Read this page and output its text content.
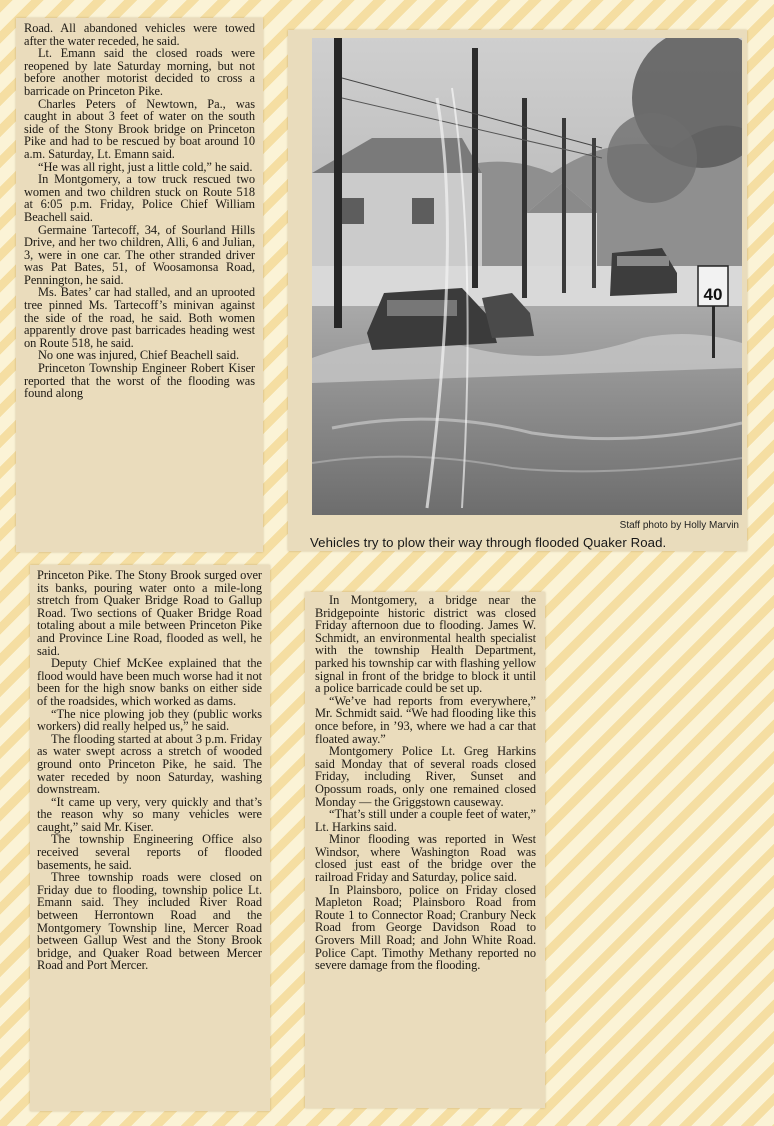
Road. All abandoned vehicles were towed after the water receded, he said.

Lt. Emann said the closed roads were reopened by late Saturday morning, but not before another motorist decided to cross a barricade on Princeton Pike.

Charles Peters of Newtown, Pa., was caught in about 3 feet of water on the south side of the Stony Brook bridge on Princeton Pike and had to be rescued by boat around 10 a.m. Saturday, Lt. Emann said.

“He was all right, just a little cold,” he said.

In Montgomery, a tow truck rescued two women and two children stuck on Route 518 at 6:05 p.m. Friday, Police Chief William Beachell said.

Germaine Tartecoff, 34, of Sourland Hills Drive, and her two children, Alli, 6 and Julian, 3, were in one car. The other stranded driver was Pat Bates, 51, of Woosamonsa Road, Pennington, he said.

Ms. Bates’ car had stalled, and an uprooted tree pinned Ms. Tartecoff’s minivan against the side of the road, he said. Both women apparently drove past barricades heading west on Route 518, he said.

No one was injured, Chief Beachell said.

Princeton Township Engineer Robert Kiser reported that the worst of the flooding was found along

40
Staff photo by Holly Marvin
Vehicles try to plow their way through flooded Quaker Road.

Princeton Pike. The Stony Brook surged over its banks, pouring water onto a mile-long stretch from Quaker Bridge Road to Gallup Road. Two sections of Quaker Bridge Road totaling about a mile between Princeton Pike and Province Line Road, flooded as well, he said.

Deputy Chief McKee explained that the flood would have been much worse had it not been for the high snow banks on either side of the roadsides, which worked as dams.

“The nice plowing job they (public works workers) did really helped us,” he said.

The flooding started at about 3 p.m. Friday as water swept across a stretch of wooded ground onto Princeton Pike, he said. The water receded by noon Saturday, washing downstream.

“It came up very, very quickly and that’s the reason why so many vehicles were caught,” said Mr. Kiser.

The township Engineering Office also received several reports of flooded basements, he said.

Three township roads were closed on Friday due to flooding, township police Lt. Emann said. They included River Road between Herrontown Road and the Montgomery Township line, Mercer Road between Gallup West and the Stony Brook bridge, and Quaker Road between Mercer Road and Port Mercer.

In Montgomery, a bridge near the Bridgepointe historic district was closed Friday afternoon due to flooding. James W. Schmidt, an environmental health specialist with the township Health Department, parked his township car with flashing yellow signal in front of the bridge to block it until a police barricade could be set up.

“We’ve had reports from everywhere,” Mr. Schmidt said. “We had flooding like this once before, in ’93, where we had a car that floated away.”

Montgomery Police Lt. Greg Harkins said Monday that of several roads closed Friday, including River, Sunset and Opossum roads, only one remained closed Monday — the Griggstown causeway.

“That’s still under a couple feet of water,” Lt. Harkins said.

Minor flooding was reported in West Windsor, where Washington Road was closed just east of the bridge over the railroad Friday and Saturday, police said.

In Plainsboro, police on Friday closed Mapleton Road; Plainsboro Road from Route 1 to Connector Road; Cranbury Neck Road from George Davidson Road to Grovers Mill Road; and John White Road. Police Capt. Timothy Methany reported no severe damage from the flooding.
